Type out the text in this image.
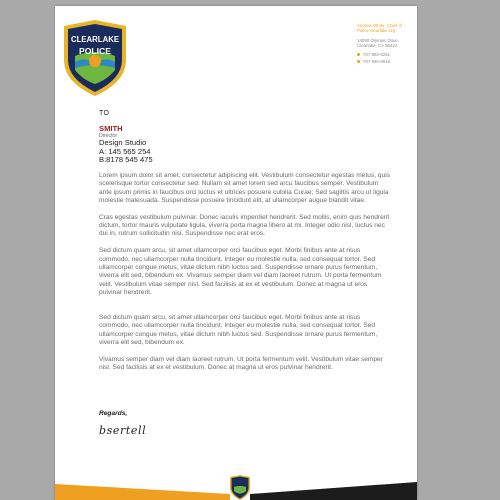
CLEARLAKE
POLICE
Andrew White, Chief of
Police clearlake.org
14050 Olympic Drive,
Clearlake, CA 95422
707 994-8251
707 994-8918
TO
SMITH
Director
Design Studio
A: 145 565 254
B:8178 545 475

Lorem ipsum dolor sit amet, consectetur adipiscing elit. Vestibulum consectetur egestas metus, quis scelerisque tortor consectetur sed. Nullam sit amet lorem sed arcu faucibus semper. Vestibulum ante ipsum primis in faucibus orci luctus et ultrices posuere cubilia Curae; Sed sagittis arcu ut ligula molestie malesuada. Suspendisse posuere tincidunt elit, at ullamcorper augue blandit vitae.

Cras egestas vestibulum pulvinar. Donec iaculis imperdiet hendrerit. Sed mollis, enim quis hendrerit dictum, tortor mauris vulputate ligula, viverra porta magna libero at mi. Integer odio nisl, luctus nec dui in, rutrum sollicitudin nisi. Suspendisse nec erat eros.

Sed dictum quam arcu, sit amet ullamcorper orci faucibus eget. Morbi finibus ante at risus commodo, nec ullamcorper nulla tincidunt. Integer eu molestie nulla, sed consequat tortor. Sed ullamcorper congue metus, vitae dictum nibh luctus sed. Suspendisse ornare purus fermentum, viverra elit sed, bibendum ex. Vivamus semper diam vel diam laoreet rutrum. Ut porta fermentum velit. Vestibulum vitae semper nisl. Sed facilisis at ex et vestibulum. Donec at magna ut eros pulvinar hendrerit.

Sed dictum quam arcu, sit amet ullamcorper orci faucibus eget. Morbi finibus ante at risus commodo, nec ullamcorper nulla tincidunt. Integer eu molestie nulla, sed consequat tortor. Sed ullamcorper congue metus, vitae dictum nibh luctus sed. Suspendisse ornare purus fermentum, viverra elit sed, bibendum ex.

Vivamus semper diam vel diam laoreet rutrum. Ut porta fermentum velit. Vestibulum vitae semper nisl. Sed facilisis at ex et vestibulum. Donec at magna ut eros pulvinar hendrerit.

Regards,
bsertell
